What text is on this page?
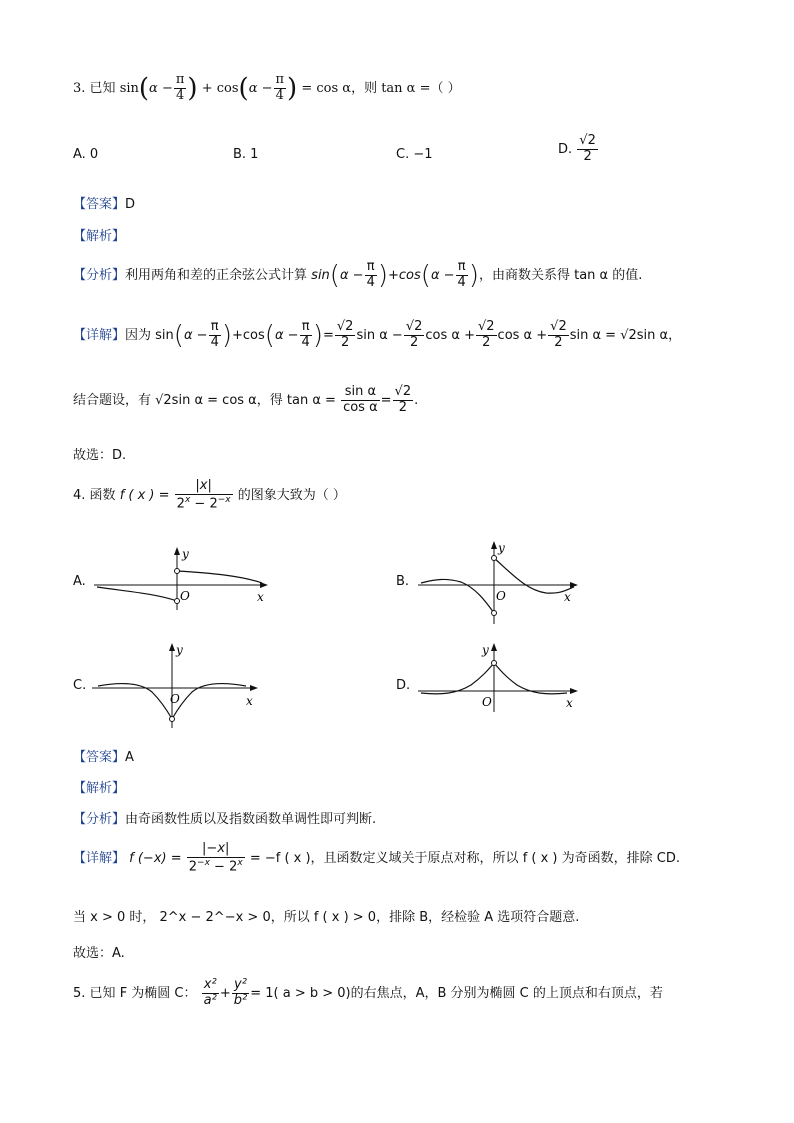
3. 已知 $\sin(\alpha - \frac{\pi}{4}$ ) + $\cos(\alpha - \frac{\pi}{4}$ ) = cos α，则 tan α =（ ）
A. 0	B. 1	C. −1	D. $\frac{√2}{2}$
【答案】D
【解析】
【分析】利用两角和差的正余弦公式计算 $\sin(\alpha - \frac{\pi}{4} )+\cos(\alpha - \frac{\pi}{4}$ )，由商数关系得 tan α 的值.
【详解】因为 $\sin(\alpha - \frac{\pi}{4} )+\cos(\alpha - \frac{\pi}{4}$ )= $\frac{√2}{2}$ $\sin \alpha - \frac{√2}{2}$ $\cos \alpha + \frac{√2}{2}$ $\cos \alpha + \frac{√2}{2}$ sin α = √2sin α，
结合题设，有 √2sin α = cos α，得 $\tan \alpha = \frac{\text{sin α}}{\text{cos α}} = \frac{√2}{2}$ .
故选：D.
4. 函数 f ( x ) = $\frac{|x|}{2^x - 2^{-x}}$ 的图象大致为（ ）
A.
y
O	x
B.
y
O	x
C.
y
O	x
D.
y
O	x
【答案】A
【解析】
【分析】由奇函数性质以及指数函数单调性即可判断.
【详解】 f $(-x) = \frac{|-x|}{2^{-x} - 2^x} = -f$ ( x )，且函数定义域关于原点对称，所以 f ( x ) 为奇函数，排除 CD.
当 x > 0 时， 2^x − 2^−x > 0，所以 f ( x ) > 0，排除 B，经检验 A 选项符合题意.
故选：A.
5. 已知 F 为椭圆 C： $\frac{\text{x²}}{\text{a²}} + \frac{\text{y²}}{\text{b²}} = 1$( a > b > 0)的右焦点，A，B 分别为椭圆 C 的上顶点和右顶点，若
